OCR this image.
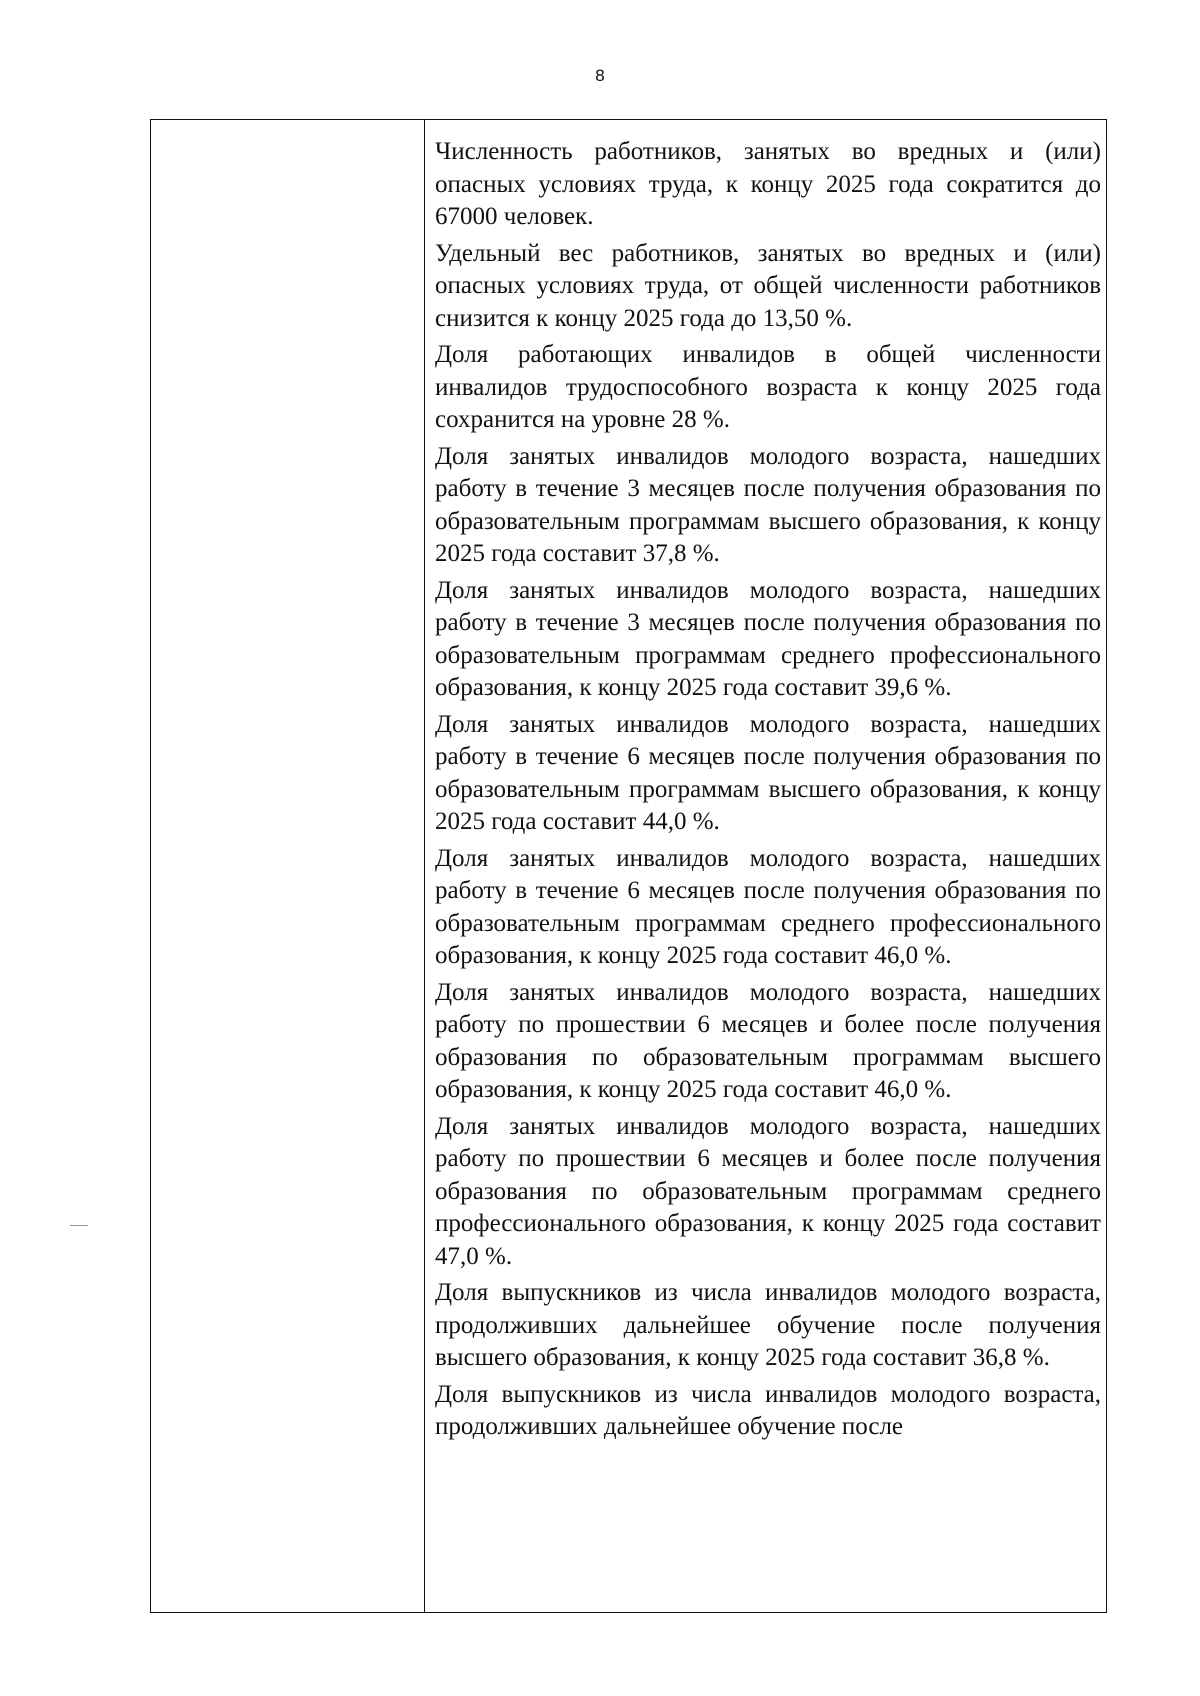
8

Численность работников, занятых во вредных и (или) опасных условиях труда, к концу 2025 года сократится до 67000 человек.

Удельный вес работников, занятых во вредных и (или) опасных условиях труда, от общей численности работников снизится к концу 2025 года до 13,50 %.

Доля работающих инвалидов в общей численности инвалидов трудоспособного возраста к концу 2025 года сохранится на уровне 28 %.

Доля занятых инвалидов молодого возраста, нашедших работу в течение 3 месяцев после получения образования по образовательным программам высшего образования, к концу 2025 года составит 37,8 %.

Доля занятых инвалидов молодого возраста, нашедших работу в течение 3 месяцев после получения образования по образовательным программам среднего профессионального образования, к концу 2025 года составит 39,6 %.

Доля занятых инвалидов молодого возраста, нашедших работу в течение 6 месяцев после получения образования по образовательным программам высшего образования, к концу 2025 года составит 44,0 %.

Доля занятых инвалидов молодого возраста, нашедших работу в течение 6 месяцев после получения образования по образовательным программам среднего профессионального образования, к концу 2025 года составит 46,0 %.

Доля занятых инвалидов молодого возраста, нашедших работу по прошествии 6 месяцев и более после получения образования по образовательным программам высшего образования, к концу 2025 года составит 46,0 %.

Доля занятых инвалидов молодого возраста, нашедших работу по прошествии 6 месяцев и более после получения образования по образовательным программам среднего профессионального образования, к концу 2025 года составит 47,0 %.

Доля выпускников из числа инвалидов молодого возраста, продолживших дальнейшее обучение после получения высшего образования, к концу 2025 года составит 36,8 %.

Доля выпускников из числа инвалидов молодого возраста, продолживших дальнейшее обучение после
